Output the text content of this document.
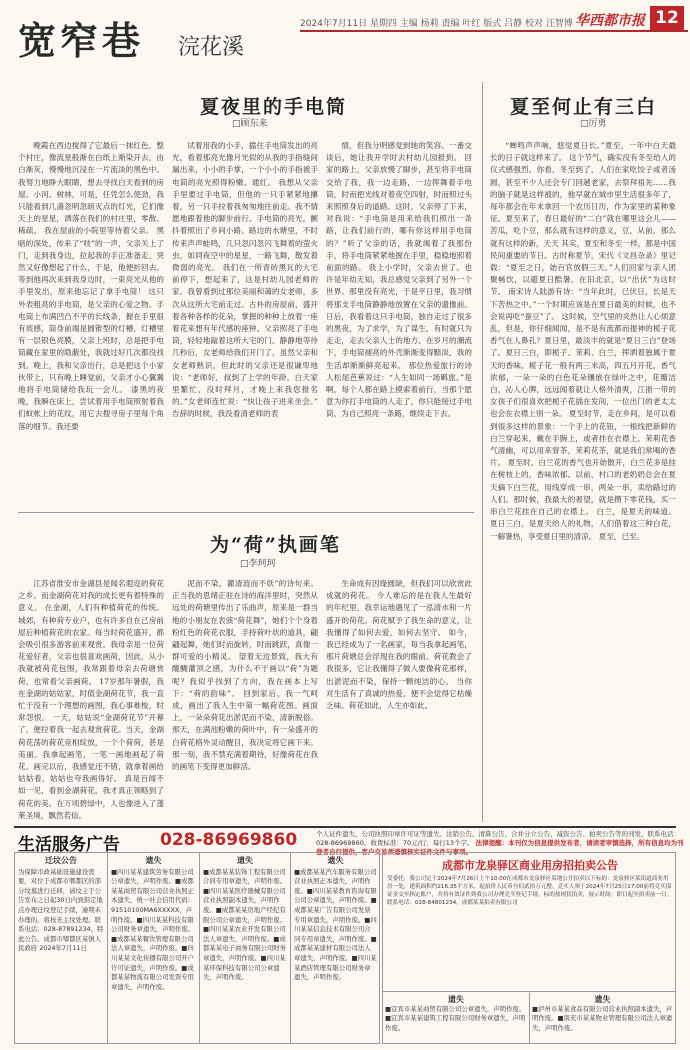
宽窄巷 浣花溪
2024年7月11日 星期四 主编 杨莉 责编 叶红 版式 吕静 校对 汪智博 华西都市报 12
夏夜里的手电筒
□顾东来

晚霞在西边搅得了它最后一抹红色，整个村庄，像流星般渐在白纸上渐染开去，由白渐灰，慢慢地沉浸在一片流淡的黑色中。我努力地睁大眼睛，想去寻找白天看到的房屋、小河、树林，可是，任凭怎么使劲，我只能看到几盏忽明忽暗灭点的灯光，它们像天上的星星，洒落在我们的村庄里，零散、稀疏。 我在屋前的小院里等待着父亲。 黑暗的深处，传来了“吱”的一声，父亲关上了门，走到我身边，拉起我的手正准备走，突然又好像想起了什么，于是，他便折回去。等到他再次来到我身边时，一束亮光从他的手里发出，原来他忘记了拿手电筒！ 这只外表粗亮的手电筒，是父亲的心爱之物。手电筒上布满凹凸不平的长线条，握在手里很有质感，筒身前端是圆锥型的灯槽，灯槽里有一层银色亮膜，父亲上班时，总是把手电筒藏在家里的隐蔽处，我就过好几次都没找到。晚上，我和父亲出行，总是把这个小家伙带上，只有晚上睡觉前，父亲才小心翼翼地将手电筒储给我玩一会儿。 漆黑的夜晚，我瞬在床上，尝试着用手电筒照射着我们蚊帐上的花纹，用它去搜寻房子里每个角落的细节。我还要

试着用我的小手，擋住手电筒发出的亮光，看着那亮光像月光似的从我的手指缝间漏出来，小小的手掌，一个小小的手指被手电筒的亮光照得粉嫩、通红。 我想从父亲手里要过手电筒，但他的一只手紧紧地攥着，另一只手拉着我匆匆地往前走。我不情愿地跟着他的脚步前行。手电筒的亮光，颤抖着照出了乡间小路。路边的水塘里，不时传来声声蛙鸣，几只忽闪忽闪飞舞着的萤火虫，如同夜空中的星星，一路飞舞，散发着微弱的亮光。 我们在一所青砖黑瓦的大宅前停下，想起来了，这是村幼儿园老师的家。我曾看到过那位美丽和蔼的女老师，多次从这所大宅前走过。古朴的房屋前，盛开着各种各样的花朵，掌握的种种上放着一座着花来想有年代感的座钟。父亲照亮了手电筒，轻轻地敲着这所大宅的门。静静地等待几秒后，女老师给我们开门了，虽然父亲和女老师熟识，但此时的父亲还是很谦卑地说：“老师好，叔到了上学的年龄，白天家里繁忙，没时拜月，才晚上来我您报名的。”女老师连忙说：“快让孩子进来坐会。” 告辞的时候，我没看清老师的表

情，但我分明感觉到她的笑容。一番交谈后，她让我开学时去村幼儿园报到。 回家的路上，父亲放慢了脚步，甚至将手电筒交给了我，我一边走路，一边挥舞着手电筒，时而把光线对着夜空四射，时而照过头来照照身后的道路。这时，父亲停了下来，对我说：“手电筒是用来给我们照出一条路，让我们前行的，哪有你这样用手电筒的？”听了父亲的话，我就竭着了我那份手，将手电筒紧紧地握在手里，稳稳地照着前面的路。 我上小学时，父亲去世了。也许是年幼无知，我总感觉父亲到了另外一个世界。那里没有亮光，于是平日里，我习惯将那支手电筒静静地放置在父亲的遗像前。日后，我看着这只手电筒，独自走过了很多的黑夜，为了求学，为了谋生，有时就只为走走，走去父亲人士的地方。在岁月的潮流下，手电筒褪亮的外壳渐渐变得黯淡，我的生活却渐渐鲜亮起来。 那位热爱旅行的诗人松尾芭蕉说过：“人生如同一场羁旅。”是啊，每个人都在路上摸索着前行，当那个愿意为你打手电筒的人走了，你只能接过手电筒，为自己照亮一条路，继续走下去。

夏至何止有三白
□厉勇

“蝉鸣声声响，悠觉夏日长。”夏至，一年中白天最长的日子就这样来了。 这个节气，确实没有冬至给人的仪式感强烈。你看，冬至到了，人们在家吃饺子或者汤圆，甚至不少人还会专门回趟老家，去祭拜祖先……我的脑子就是这样被的，他早就在城市里生活很多年了，每年都会在年末拿回一个农历日历，作为家里的某种象征。夏至来了，春日最好的“二白”就在哪里这会儿——苦瓜，吃个豆，那么就有这样的意义，豆，从前，那么就有这样的新，天天 其实，夏至和冬至一样，都是中国民间重要的节日。古时称夏节，宋代《文昌杂录》里记载：“夏至之日，始百官放假三天。”人们回家与亲人团聚畅饮，以避夏日酷暑。在旧北京，以“出伏”为这时节。 南宋诗人陆游有诗：“当年此时，已伏日，长是天下苦热之中。”一个时期应该是在夏日最美的时候，也不会说再吃“蚕豆”了。 这时候，空气里的炎热让人心烦意乱，但是，你仔细闻闻，是不是有流都而提神的栀子花香气在人鼻孔？夏日里，最淡丰的就是“夏日三白”登场了。夏日三白，即栀子、茉莉、白兰，挥洒着独属于夏天的香味。栀子花一般有两三米高，四五月开花，香气浓郁，一朵一朵的白色花朵镶嵌在绿叶之中，花瓣洁白，沁人心脾，远远闻着就让人格外清爽，江浙一带的女孩子们很喜欢把栀子花插在发间，一位出门的老太太也会在衣襟上别一朵。 夏至时节，走在乡间，是可以看到很多这样的景象：一个手上的花钮，一根线把新鲜的白兰穿起来，戴在手腕上，或者挂在衣襟上。茉莉花香气清幽，可以用来窨茶，茉莉花茶，就是我们常喝的香片。 夏至时，白兰花的香气也开始散开，白兰花多是挂在树枝上的，香味浓郁。以前，村口的老奶奶总会在夏天摘下白兰花，用线穿成一串，两朵一串，卖给路过的人们。那时候，我最大的奢望，就是攒下零花钱，买一串白兰花挂在自己的衣襟上。 白兰，是夏天的味道。 夏日三白，是夏天给人的礼物，人们借着这三种白花，一解暑热，享受夏日里的清凉。 夏至，已至。

为“荷”执画笔
□李珂珂

江苏省淮安市金湖县是闻名遐迩的荷花之乡。而金湖荷花对我的成长更有着特殊的意义。 在金湖，人们有种植荷花的传统。城郊，有种荷专业户，也有许多自在己房前屋后种植荷花的农家。每当时荷花盛开，都会吸引很多游客前来观赏。我母亲是一位荷花爱好者，父亲也很喜欢画荷，因此，从小我就被荷花包围，我常跟着母亲去荷塘赏荷，也常看父亲画荷。 17岁那年暑假，我在金湖的姑姑家，时值金湖荷花节，我一直忙于没有一个理想的画图，我心事难梭，时常怨恨。 一天，姑姑说“金湖荷花节”开幕了，便拉着我一起去观赏荷花。当天，金湖荷花荡的荷花竞相绽放，一个个荷荷，甚是美丽。我拿起画笔，一笔一画地画起了荷花。画完以后，我感觉还不错，就拿着画给姑姑看，姑姑也夸我画得好。 真是百闻不如一见，看到金湖荷花，我才真正领略到了荷花的美。在万顷碧绿中，人也像进入了蓬莱圣境，飘然若仙。

泥而不染，濯清涟而不妖”的诗句来。 正当我的思绪正驻在诗的海洋里时，突然从远处的荷塘里传出了乐曲声，原来是一群当地的小朋友在表演“荷花舞”，她们个个身着粉红色的荷花衣服，手持荷叶状的道具，翩翩起舞，她们时而旋转，时而跳跃，真像一群可爱的小精灵。 望着无边景致，我大有醍醐灌顶之感，为什么不于画以“荷”为题呢？我似乎找到了方向，我在画本上写下：“荷的韵味”。 回到家后，我一气呵成，画出了我人生中第一幅荷花图。画面上，一朵朵荷花出淤泥而不染，清新脱俗。 那天，在满池粉嫩的荷叶中，有一朵盛开的白荷花格外灵动醒目，我决定将它画下来。 那一刻，我不禁充满着期待，好像荷花在我的画笔下变得更加鲜活。

生命成有因缘圆缺，但我们可以欣赏此成就的荷花。 今人难忘的是在我人生最好的年纪里，我幸运地遇见了一泓清水和一片盛开的荷花。荷花赋予了我生命的意义，让我懂得了如何去爱，如何去坚守。 如今，我已经成为了一名画家，每当我拿起画笔，那片荷塘总会浮现在我的眼前。荷花教会了我很多，它让我懂得了做人要像荷花那样，出淤泥而不染，保持一颗纯洁的心。 当你对生活有了真诚的热爱，便不会觉得它枯燥乏味。荷花如此，人生亦如此。

生活服务广告 028-86969860	个人证件遗失、公司执照印章许可证等遗失、注销公告、清算公告、合并分立公告、减资公告、拍卖公告等的刊发，联系电话：028-86969860。收费标准：70元/行；每行13个字。 法律提醒：本刊仅为信息提供发布者，请读者审慎选择，所有信息均为刊登者自行提供，客户交易须谨慎核实证件文件与事项。
迁坟公告
为保障市政基础设施建设需要，对位于成都市郫都区的部分坟墓进行迁移，请坟主于公告发布之日起30日内到指定地点办理迁坟登记手续，逾期未办理的，将按无主坟处理。联系电话：028-87891234。特此公告。成都市郫都区某镇人民政府 2024年7月11日
遗失
■四川某某建筑劳务有限公司公章遗失，声明作废。■成都某某商贸有限公司营业执照正本遗失，统一社会信用代码：91510100MA6XXXXX，声明作废。■四川某某科技有限公司财务章遗失，声明作废。■成都某某餐饮管理有限公司法人章遗失，声明作废。■四川某某文化传播有限公司开户许可证遗失，声明作废。■成都某某物流有限公司发票专用章遗失，声明作废。
遗失
■成都某某装饰工程有限公司合同专用章遗失，声明作废。■四川某某医疗器械有限公司营业执照副本遗失，声明作废。■成都某某房地产经纪有限公司公章遗失，声明作废。■四川某某农业开发有限公司法人章遗失，声明作废。■成都某某电子商务有限公司财务章遗失，声明作废。■四川某某环保科技有限公司公章遗失，声明作废。
遗失
■成都某某汽车服务有限公司营业执照正本遗失，声明作废。■四川某某教育咨询有限公司公章遗失，声明作废。■成都某某广告有限公司发票专用章遗失，声明作废。■四川某某信息技术有限公司合同专用章遗失，声明作废。■成都某某建材有限公司法人章遗失，声明作废。■四川某某酒店管理有限公司财务章遗失，声明作废。
成都市龙泉驿区商业用房招拍卖公告
受委托，我公司定于2024年7月26日上午10:00在成都市龙泉驿区某地公开拍卖以下标的：龙泉驿区某街道商业用房一处，建筑面积约216.35平方米，起拍价人民币叁佰贰拾万元整。竞买人须于2024年7月25日17:00前将竞买保证金交至指定账户，并持有效证件到我公司办理竞买登记手续。标的按现状拍卖，展示时间：即日起至拍卖前一日。联系电话：028-84801234。成都某某拍卖有限公司
遗失
■宜宾市某某商贸有限公司公章遗失，声明作废。■宜宾市某某建筑工程有限公司财务章遗失，声明作废。
遗失
■泸州市某某食品有限公司营业执照副本遗失，声明作废。■南充市某某物业管理有限公司法人章遗失，声明作废。
